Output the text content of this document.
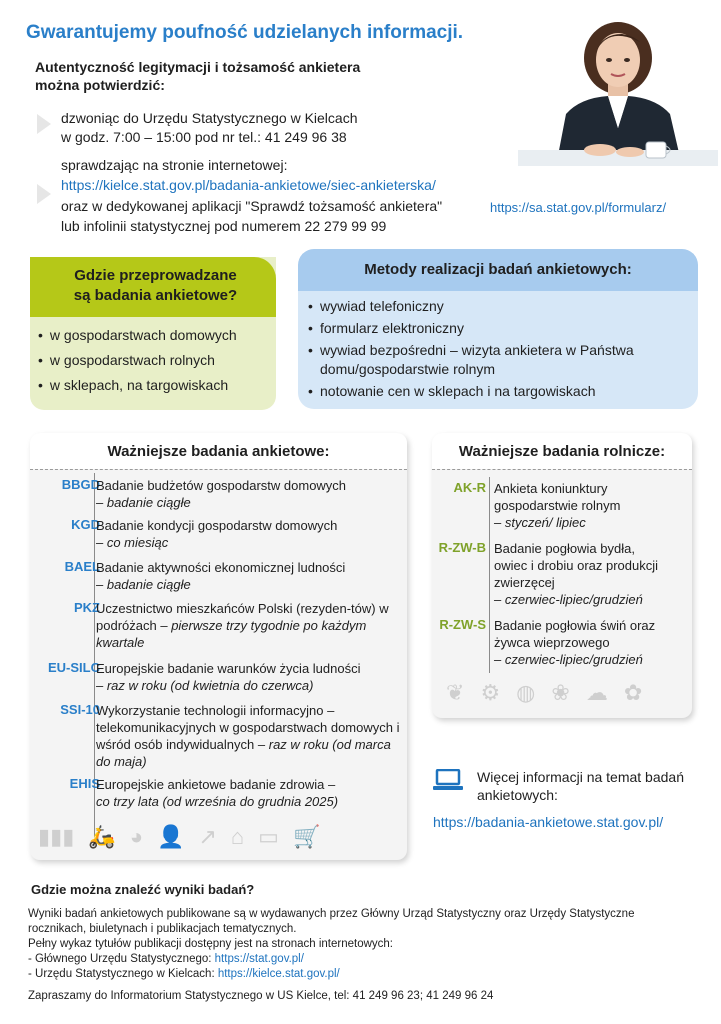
Gwarantujemy poufność udzielanych informacji.
Autentyczność legitymacji i tożsamość ankietera
można potwierdzić:
dzwoniąc do Urzędu Statystycznego w Kielcach
w godz. 7:00 – 15:00 pod nr tel.: 41 249 96 38
sprawdzając na stronie internetowej:
https://kielce.stat.gov.pl/badania-ankietowe/siec-ankieterska/
oraz w dedykowanej aplikacji "Sprawdź tożsamość ankietera"	https://sa.stat.gov.pl/formularz/
lub infolinii statystycznej pod numerem 22 279 99 99
Gdzie przeprowadzane
są badania ankietowe?
• w gospodarstwach domowych
• w gospodarstwach rolnych
• w sklepach, na targowiskach
Metody realizacji badań ankietowych:
• wywiad telefoniczny
• formularz elektroniczny
• wywiad bezpośredni – wizyta ankietera w Państwa domu/gospodarstwie rolnym
• notowanie cen w sklepach i na targowiskach
Ważniejsze badania ankietowe:
BBGD
Badanie budżetów gospodarstw domowych
– badanie ciągłe
KGD
Badanie kondycji gospodarstw domowych
– co miesiąc
BAEL
Badanie aktywności ekonomicznej ludności
– badanie ciągłe
PKZ
Uczestnictwo mieszkańców Polski (rezyden-tów) w podróżach – pierwsze trzy tygodnie po każdym kwartale
EU-SILC
Europejskie badanie warunków życia ludności
– raz w roku (od kwietnia do czerwca)
SSI-10
Wykorzystanie technologii informacyjno – telekomunikacyjnych w gospodarstwach domowych i wśród osób indywidualnych – raz w roku (od marca do maja)
EHIS
Europejskie ankietowe badanie zdrowia –
co trzy lata (od września do grudnia 2025)
▮▮▮ 🛵 ◕ 👤 ↗ ⌂ ▭ 🛒
Ważniejsze badania rolnicze:
AK-R Ankieta koniunktury gospodarstwie rolnym
– styczeń/ lipiec
R-ZW-B Badanie pogłowia bydła, owiec i drobiu oraz produkcji zwierzęcej
– czerwiec-lipiec/grudzień
R-ZW-S Badanie pogłowia świń oraz żywca wieprzowego
– czerwiec-lipiec/grudzień
❦ ⚙ ◍ ❀ ☁ ✿
Więcej informacji na temat badań
ankietowych:
https://badania-ankietowe.stat.gov.pl/
Gdzie można znaleźć wyniki badań?
Wyniki badań ankietowych publikowane są w wydawanych przez Główny Urząd Statystyczny oraz Urzędy Statystyczne
rocznikach, biuletynach i publikacjach tematycznych.
Pełny wykaz tytułów publikacji dostępny jest na stronach internetowych:
- Głównego Urzędu Statystycznego: https://stat.gov.pl/
- Urzędu Statystycznego w Kielcach: https://kielce.stat.gov.pl/
Zapraszamy do Informatorium Statystycznego w US Kielce, tel: 41 249 96 23; 41 249 96 24
